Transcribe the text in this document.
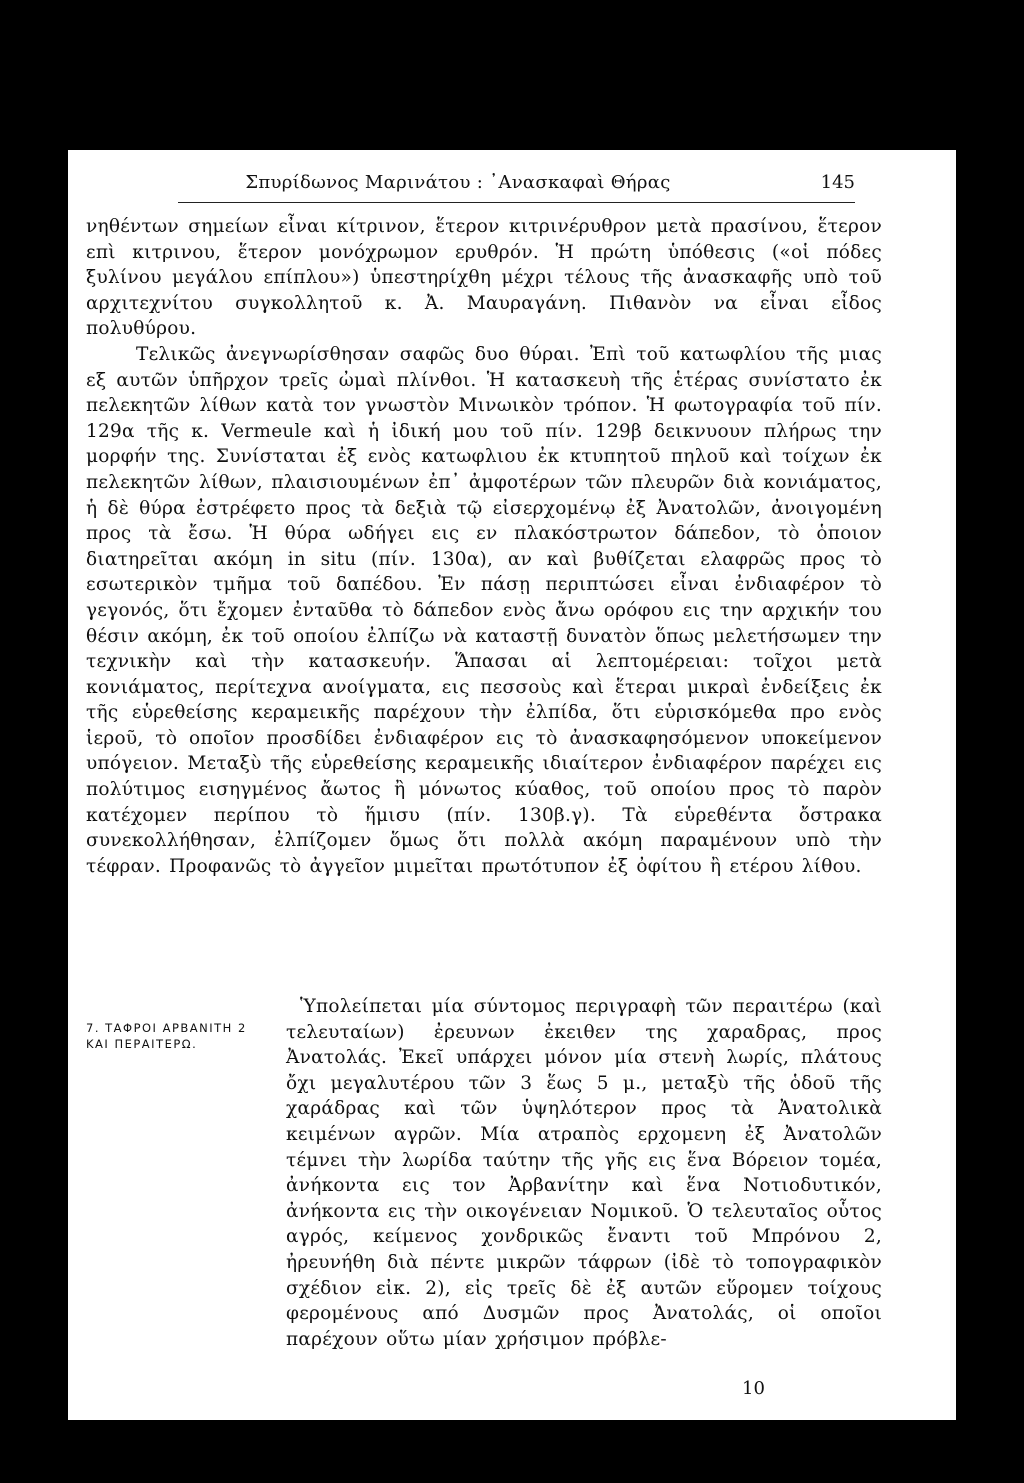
Σπυρίδωνος Μαρινάτου : ᾿Ανασκαφαὶ Θήρας	145

νηθέντων σημείων εἶναι κίτρινον, ἕτερον κιτρινέρυθρον μετὰ πρασίνου, ἕτερον επὶ κιτρινου, ἕτερον μονόχρωμον ερυθρόν. Ἡ πρώτη ὑπόθεσις («οἱ πόδες ξυλίνου μεγάλου επίπλου») ὑπεστηρίχθη μέχρι τέλους τῆς ἀνασκαφῆς υπὸ τοῦ αρχιτεχνίτου συγκολλητοῦ κ. Ἀ. Μαυραγάνη. Πιθανὸν να εἶναι εἶδος πολυθύρου.

Τελικῶς ἀνεγνωρίσθησαν σαφῶς δυο θύραι. Ἐπὶ τοῦ κατωφλίου τῆς μιας εξ αυτῶν ὑπῆρχον τρεῖς ὠμαὶ πλίνθοι. Ἡ κατασκευὴ τῆς ἑτέρας συνίστατο ἐκ πελεκητῶν λίθων κατὰ τον γνωστὸν Μινωικὸν τρόπον. Ἡ φωτογραφία τοῦ πίν. 129α τῆς κ. Vermeule καὶ ἡ ἰδική μου τοῦ πίν. 129β δεικνυουν πλήρως την μορφήν της. Συνίσταται ἐξ ενὸς κατωφλιου ἐκ κτυπητοῦ πηλοῦ καὶ τοίχων ἐκ πελεκητῶν λίθων, πλαισιουμένων ἐπ᾿ ἀμφοτέρων τῶν πλευρῶν διὰ κονιάματος, ἡ δὲ θύρα ἐστρέφετο προς τὰ δεξιὰ τῷ εἰσερχομένῳ ἐξ Ἀνατολῶν, ἀνοιγομένη προς τὰ ἔσω. Ἡ θύρα ωδήγει εις εν πλακόστρωτον δάπεδον, τὸ ὁποιον διατηρεῖται ακόμη in situ (πίν. 130α), αν καὶ βυθίζεται ελαφρῶς προς τὸ εσωτερικὸν τμῆμα τοῦ δαπέδου. Ἐν πάσῃ περιπτώσει εἶναι ἐνδιαφέρον τὸ γεγονός, ὅτι ἔχομεν ἐνταῦθα τὸ δάπεδον ενὸς ἄνω ορόφου εις την αρχικήν του θέσιν ακόμη, ἐκ τοῦ οποίου ἐλπίζω νὰ καταστῇ δυνατὸν ὅπως μελετήσωμεν την τεχνικὴν καὶ τὴν κατασκευήν. Ἅπασαι αἱ λεπτομέρειαι: τοῖχοι μετὰ κονιάματος, περίτεχνα ανοίγματα, εις πεσσοὺς καὶ ἕτεραι μικραὶ ἐνδείξεις ἐκ τῆς εὑρεθείσης κεραμεικῆς παρέχουν τὴν ἐλπίδα, ὅτι εὑρισκόμεθα προ ενὸς ἱεροῦ, τὸ οποῖον προσδίδει ἐνδιαφέρον εις τὸ ἀνασκαφησόμενον υποκείμενον υπόγειον. Μεταξὺ τῆς εὑρεθείσης κεραμεικῆς ιδιαίτερον ἐνδιαφέρον παρέχει εις πολύτιμος εισηγμένος ἄωτος ἢ μόνωτος κύαθος, τοῦ οποίου προς τὸ παρὸν κατέχομεν περίπου τὸ ἥμισυ (πίν. 130β.γ). Τὰ εὑρεθέντα ὄστρακα συνεκολλήθησαν, ἐλπίζομεν ὅμως ὅτι πολλὰ ακόμη παραμένουν υπὸ τὴν τέφραν. Προφανῶς τὸ ἀγγεῖον μιμεῖται πρωτότυπον ἐξ ὀφίτου ἢ ετέρου λίθου.

7. ΤΑΦΡΟΙ ΑΡΒΑΝΙΤΗ 2
ΚΑΙ ΠΕΡΑΙΤΕΡΩ.
Ὑπολείπεται μία σύντομος περιγραφὴ τῶν περαιτέρω (καὶ τελευταίων) ἐρευνων ἐκειθεν της χαραδρας, προς Ἀνατολάς. Ἐκεῖ υπάρχει μόνον μία στενὴ λωρίς, πλάτους ὄχι μεγαλυτέρου τῶν 3 ἕως 5 μ., μεταξὺ τῆς ὁδοῦ τῆς χαράδρας καὶ τῶν ὑψηλότερον προς τὰ Ἀνατολικὰ κειμένων αγρῶν. Μία ατραπὸς ερχομενη ἐξ Ἀνατολῶν τέμνει τὴν λωρίδα ταύτην τῆς γῆς εις ἕνα Βόρειον τομέα, ἀνήκοντα εις τον Ἀρβανίτην καὶ ἕνα Νοτιοδυτικόν, ἀνήκοντα εις τὴν οικογένειαν Νομικοῦ. Ὁ τελευταῖος οὗτος αγρός, κείμενος χονδρικῶς ἔναντι τοῦ Μπρόνου 2, ἠρευνήθη διὰ πέντε μικρῶν τάφρων (ἰδὲ τὸ τοπογραφικὸν σχέδιον εἰκ. 2), εἰς τρεῖς δὲ ἐξ αυτῶν εὕρομεν τοίχους φερομένους από Δυσμῶν προς Ἀνατολάς, οἱ οποῖοι παρέχουν οὕτω μίαν χρήσιμον πρόβλε-
10
